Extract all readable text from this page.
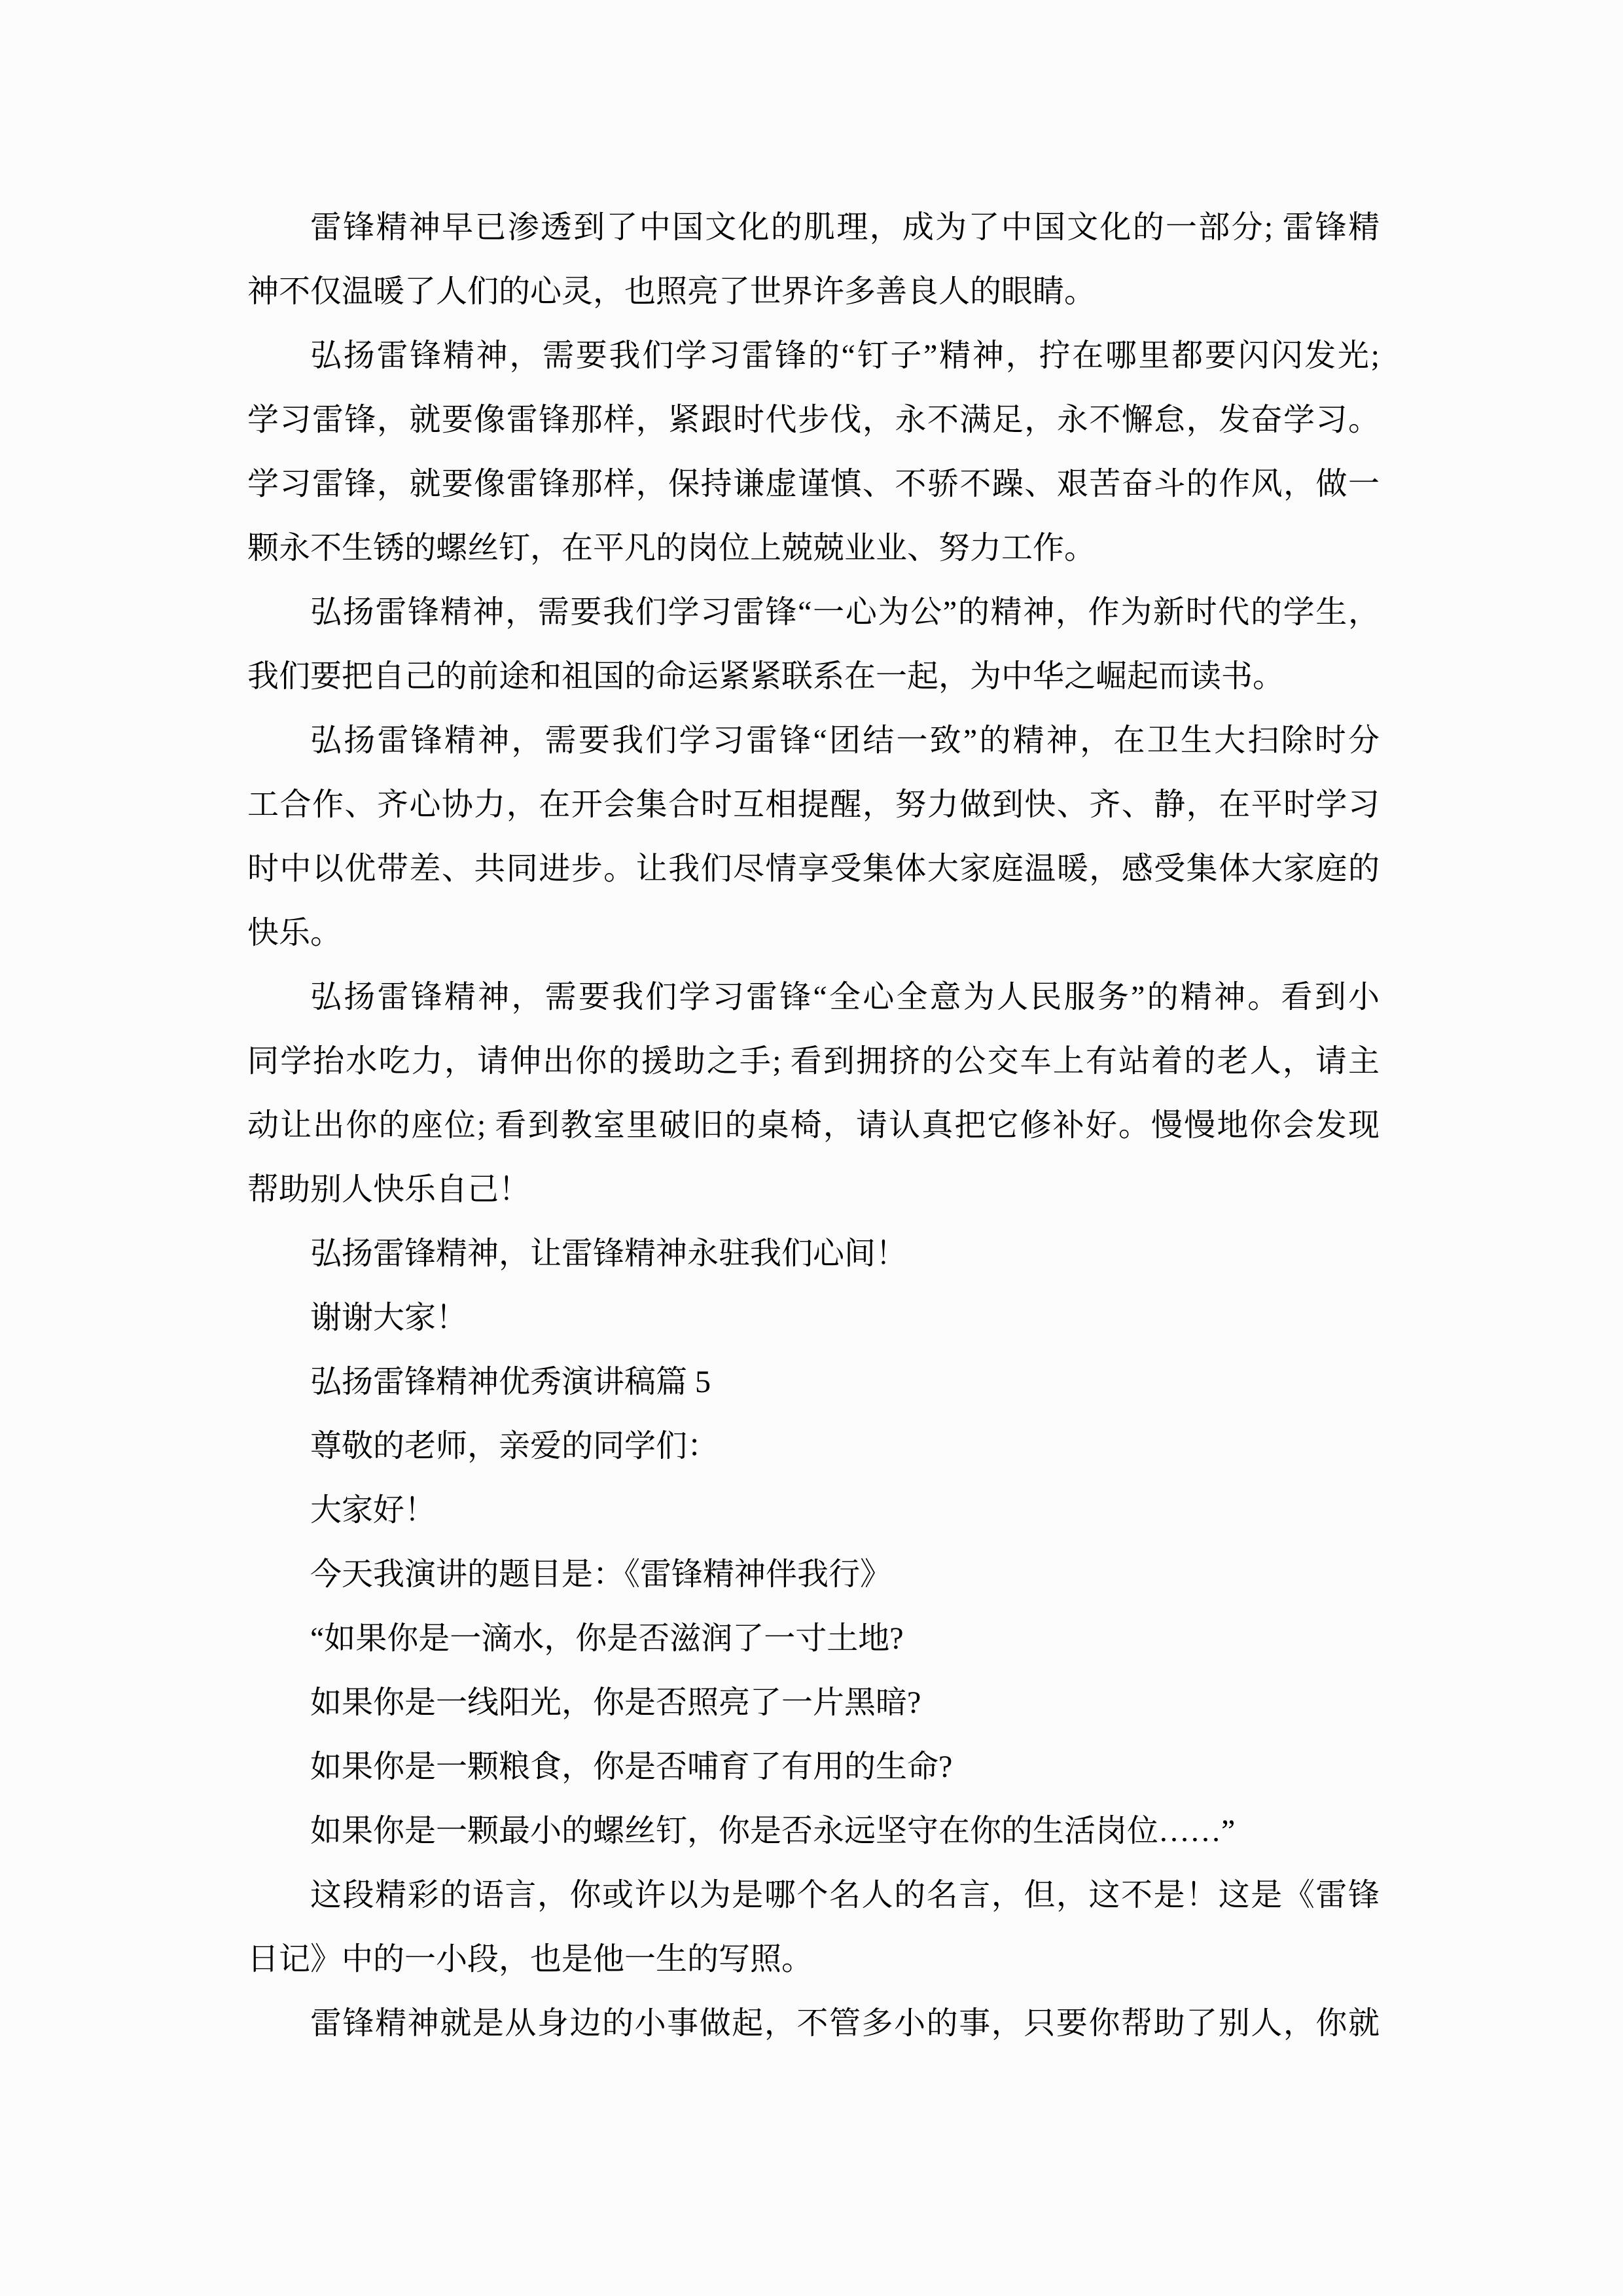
雷锋精神早已渗透到了中国文化的肌理，成为了中国文化的一部分; 雷锋精
神不仅温暖了人们的心灵，也照亮了世界许多善良人的眼睛。
弘扬雷锋精神，需要我们学习雷锋的“钉子”精神，拧在哪里都要闪闪发光;
学习雷锋，就要像雷锋那样，紧跟时代步伐，永不满足，永不懈怠，发奋学习。
学习雷锋，就要像雷锋那样，保持谦虚谨慎、不骄不躁、艰苦奋斗的作风，做一
颗永不生锈的螺丝钉，在平凡的岗位上兢兢业业、努力工作。
弘扬雷锋精神，需要我们学习雷锋“一心为公”的精神，作为新时代的学生，
我们要把自己的前途和祖国的命运紧紧联系在一起，为中华之崛起而读书。
弘扬雷锋精神，需要我们学习雷锋“团结一致”的精神，在卫生大扫除时分
工合作、齐心协力，在开会集合时互相提醒，努力做到快、齐、静，在平时学习
时中以优带差、共同进步。让我们尽情享受集体大家庭温暖，感受集体大家庭的
快乐。
弘扬雷锋精神，需要我们学习雷锋“全心全意为人民服务”的精神。看到小
同学抬水吃力，请伸出你的援助之手; 看到拥挤的公交车上有站着的老人，请主
动让出你的座位; 看到教室里破旧的桌椅，请认真把它修补好。慢慢地你会发现
帮助别人快乐自己！
弘扬雷锋精神，让雷锋精神永驻我们心间！
谢谢大家！
弘扬雷锋精神优秀演讲稿篇 5
尊敬的老师，亲爱的同学们：
大家好！
今天我演讲的题目是：《雷锋精神伴我行》
“如果你是一滴水，你是否滋润了一寸土地?
如果你是一线阳光，你是否照亮了一片黑暗?
如果你是一颗粮食，你是否哺育了有用的生命?
如果你是一颗最小的螺丝钉，你是否永远坚守在你的生活岗位……”
这段精彩的语言，你或许以为是哪个名人的名言，但，这不是！这是《雷锋
日记》中的一小段，也是他一生的写照。
雷锋精神就是从身边的小事做起，不管多小的事，只要你帮助了别人，你就
